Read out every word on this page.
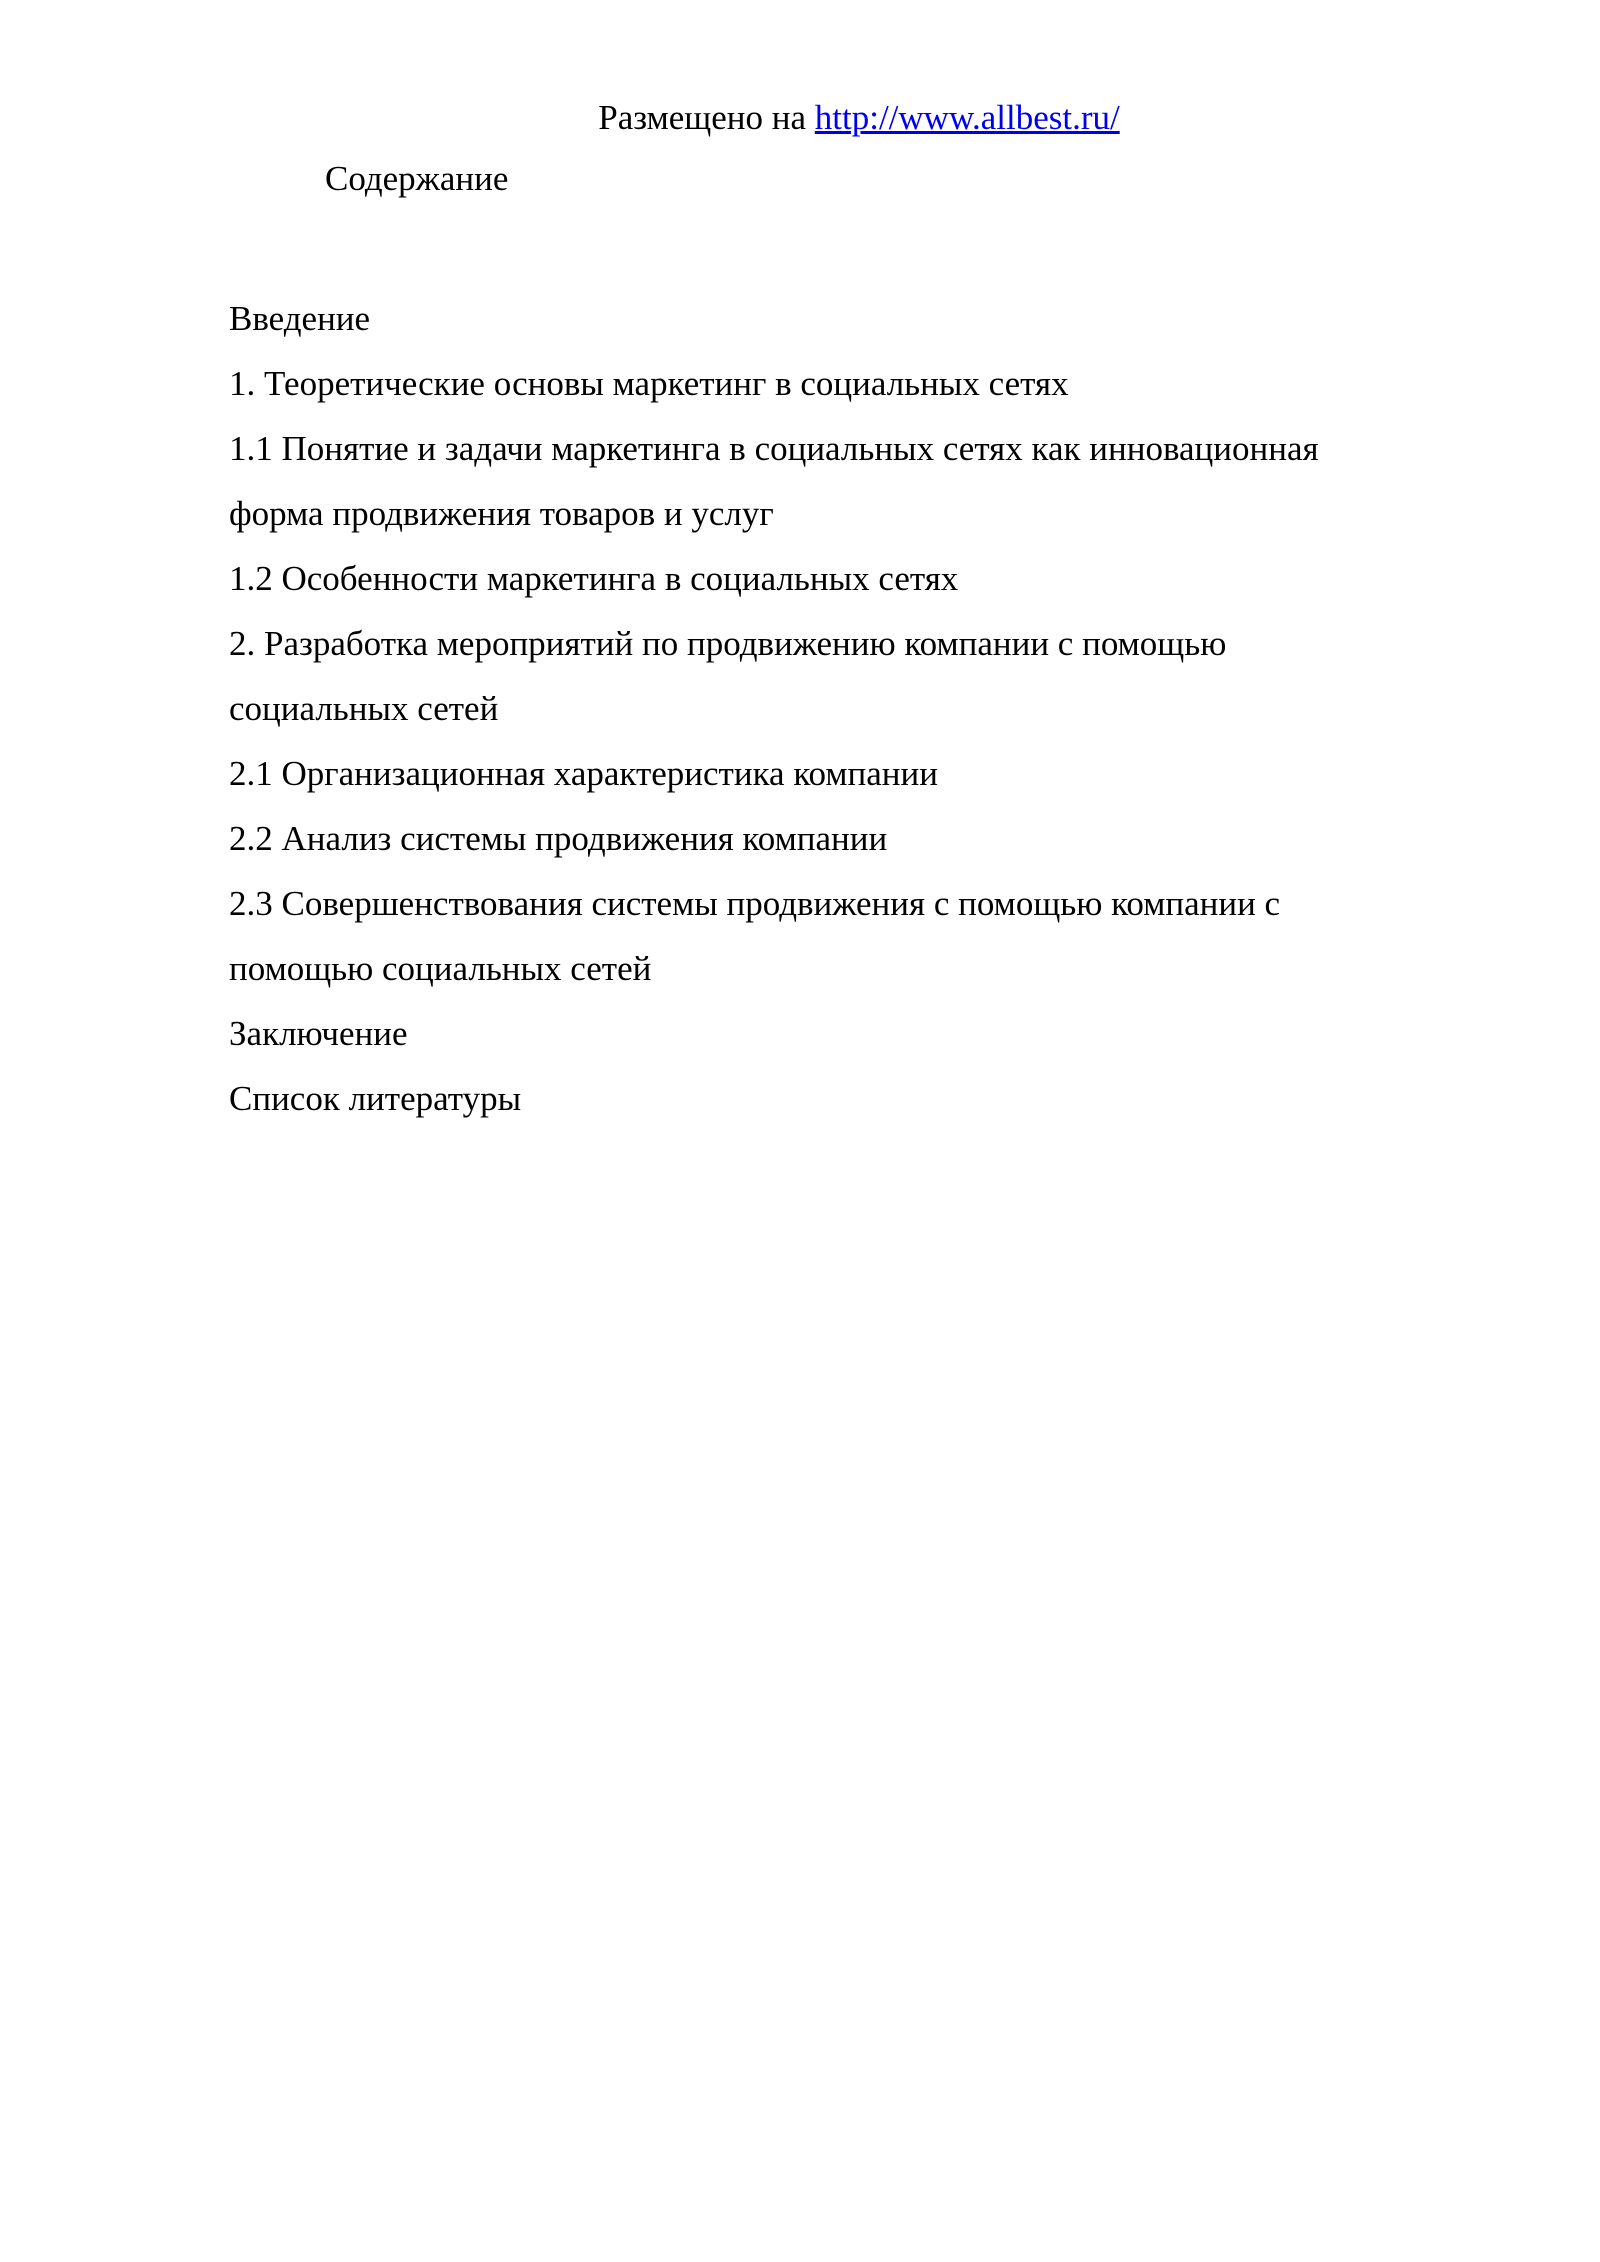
Размещено на http://www.allbest.ru/
Содержание
Введение
1. Теоретические основы маркетинг в социальных сетях
1.1 Понятие и задачи маркетинга в социальных сетях как инновационная
форма продвижения товаров и услуг
1.2 Особенности маркетинга в социальных сетях
2. Разработка мероприятий по продвижению компании с помощью
социальных сетей
2.1 Организационная характеристика компании
2.2 Анализ системы продвижения компании
2.3 Совершенствования системы продвижения с помощью компании с
помощью социальных сетей
Заключение
Список литературы
